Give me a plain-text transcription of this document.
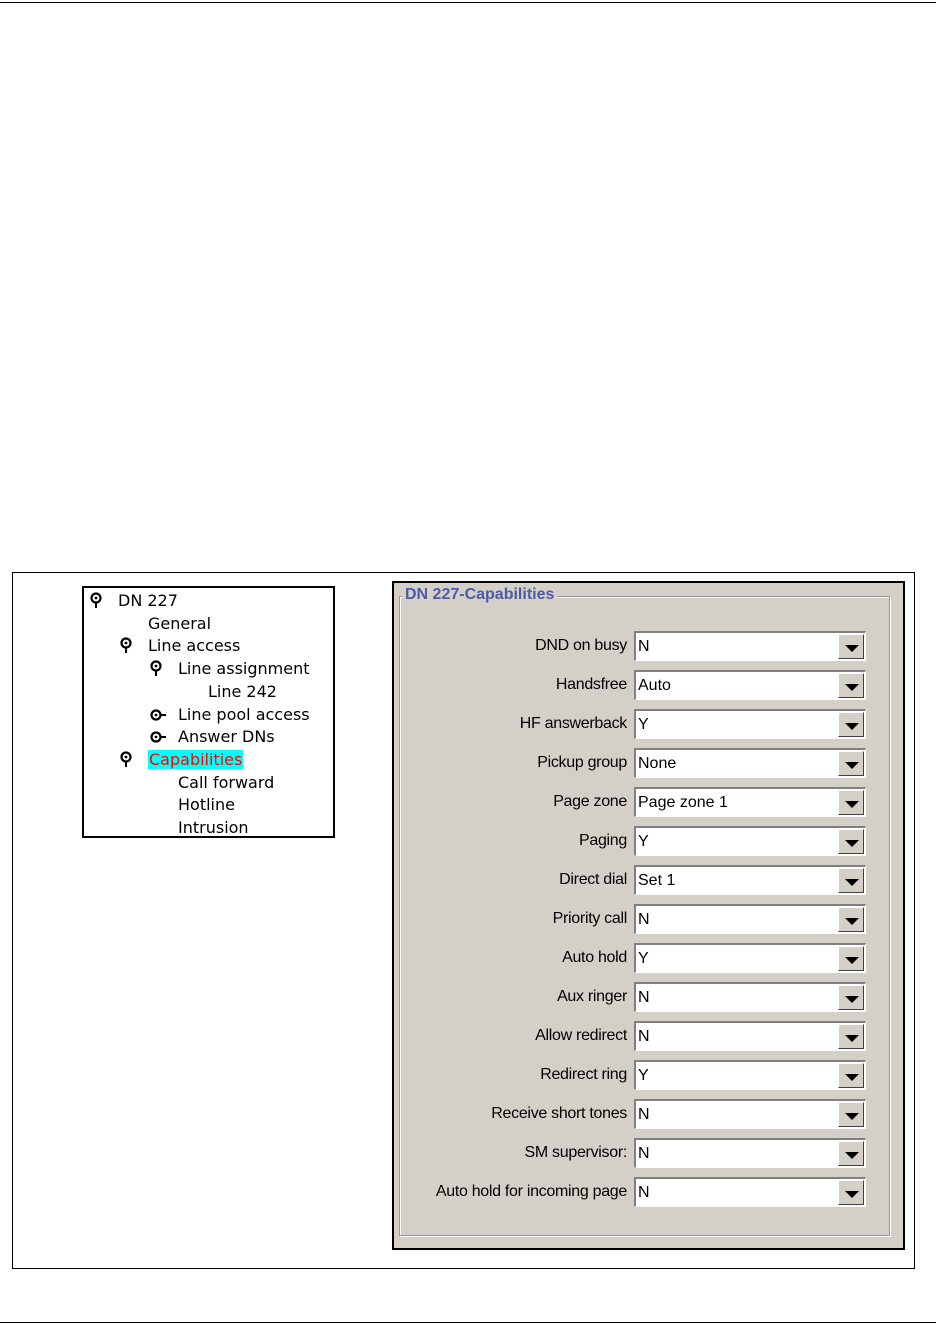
DN 227
General
Line access
Line assignment
Line 242
Line pool access
Answer DNs
Capabilities
Call forward
Hotline
Intrusion
DN 227-Capabilities
DND on busy N
Handsfree Auto
HF answerback Y
Pickup group None
Page zone Page zone 1
Paging Y
Direct dial Set 1
Priority call N
Auto hold Y
Aux ringer N
Allow redirect N
Redirect ring Y
Receive short tones N
SM supervisor: N
Auto hold for incoming page N
